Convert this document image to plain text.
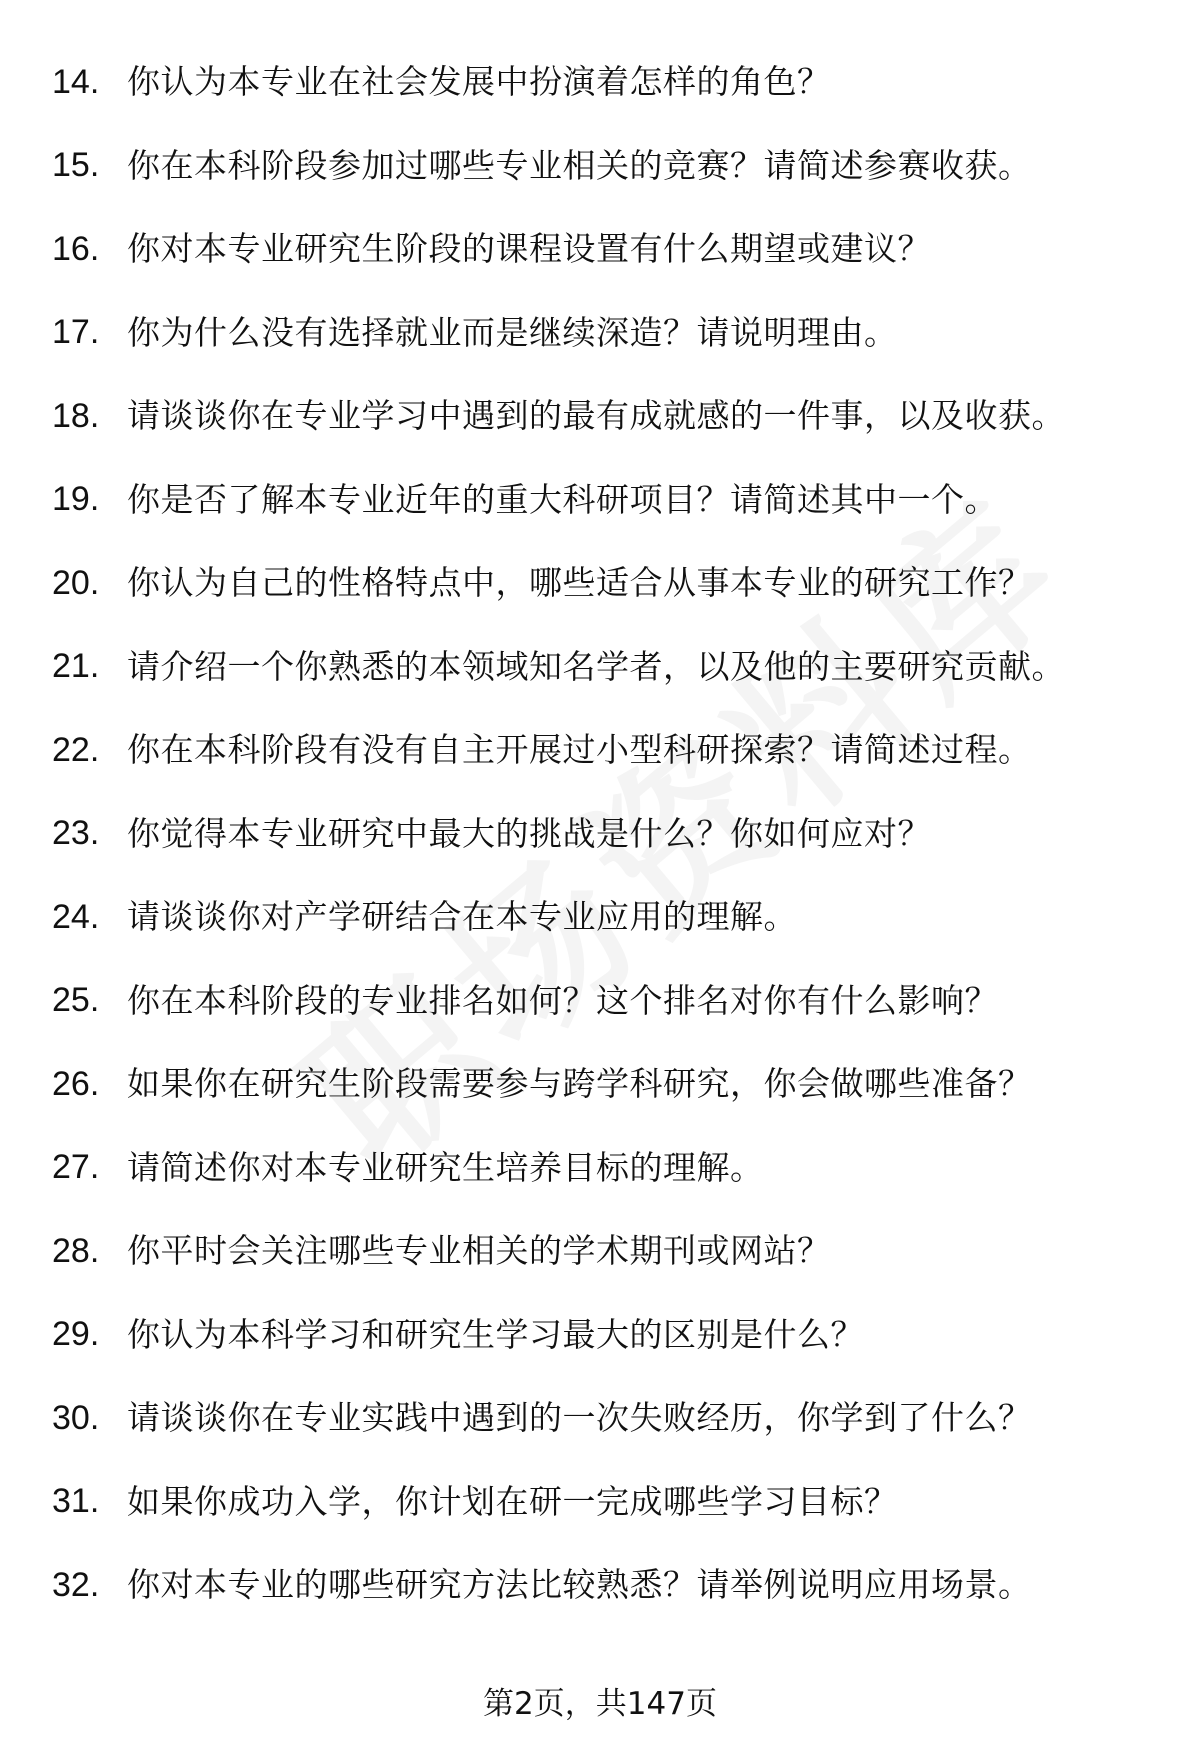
14. 你认为本专业在社会发展中扮演着怎样的角色？
15. 你在本科阶段参加过哪些专业相关的竞赛？请简述参赛收获。
16. 你对本专业研究生阶段的课程设置有什么期望或建议？
17. 你为什么没有选择就业而是继续深造？请说明理由。
18. 请谈谈你在专业学习中遇到的最有成就感的一件事，以及收获。
19. 你是否了解本专业近年的重大科研项目？请简述其中一个。
20. 你认为自己的性格特点中，哪些适合从事本专业的研究工作？
21. 请介绍一个你熟悉的本领域知名学者，以及他的主要研究贡献。
22. 你在本科阶段有没有自主开展过小型科研探索？请简述过程。
23. 你觉得本专业研究中最大的挑战是什么？你如何应对？
24. 请谈谈你对产学研结合在本专业应用的理解。
25. 你在本科阶段的专业排名如何？这个排名对你有什么影响？
26. 如果你在研究生阶段需要参与跨学科研究，你会做哪些准备？
27. 请简述你对本专业研究生培养目标的理解。
28. 你平时会关注哪些专业相关的学术期刊或网站？
29. 你认为本科学习和研究生学习最大的区别是什么？
30. 请谈谈你在专业实践中遇到的一次失败经历，你学到了什么？
31. 如果你成功入学，你计划在研一完成哪些学习目标？
32. 你对本专业的哪些研究方法比较熟悉？请举例说明应用场景。
第2页，共147页
